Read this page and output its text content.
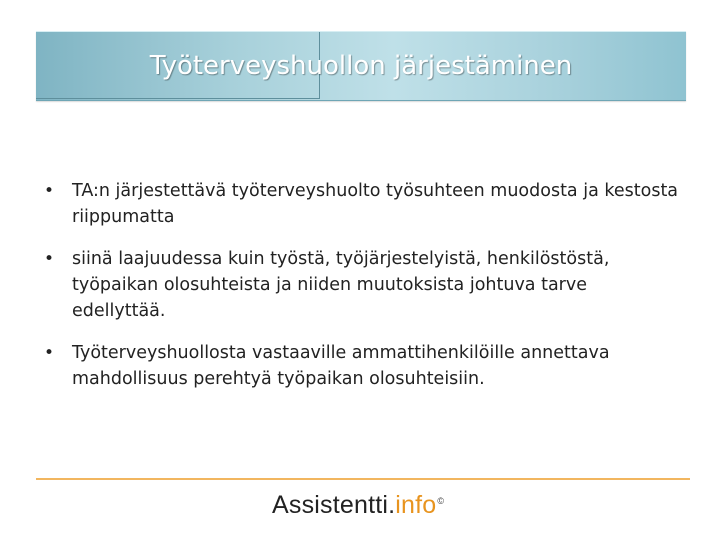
Työterveyshuollon järjestäminen
• TA:n järjestettävä työterveyshuolto työsuhteen muodosta ja kestosta riippumatta
• siinä laajuudessa kuin työstä, työjärjestelyistä, henkilöstöstä, työpaikan olosuhteista ja niiden muutoksista johtuva tarve edellyttää.
• Työterveyshuollosta vastaaville ammattihenkilöille annettava mahdollisuus perehtyä työpaikan olosuhteisiin.
Assistentti.info©
